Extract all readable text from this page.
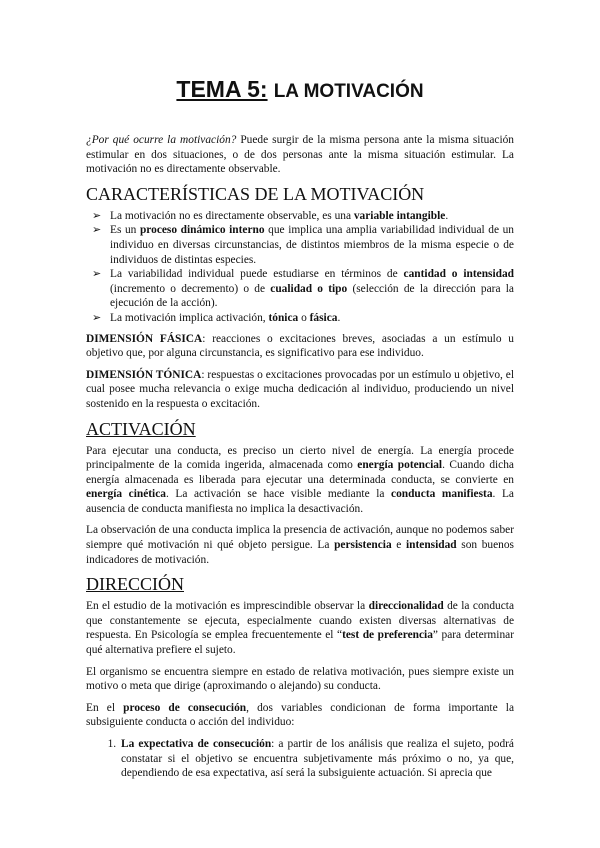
TEMA 5: LA MOTIVACIÓN

¿Por qué ocurre la motivación? Puede surgir de la misma persona ante la misma situación estimular en dos situaciones, o de dos personas ante la misma situación estimular. La motivación no es directamente observable.

CARACTERÍSTICAS DE LA MOTIVACIÓN
➢ La motivación no es directamente observable, es una variable intangible.
➢ Es un proceso dinámico interno que implica una amplia variabilidad individual de un individuo en diversas circunstancias, de distintos miembros de la misma especie o de individuos de distintas especies.
➢ La variabilidad individual puede estudiarse en términos de cantidad o intensidad (incremento o decremento) o de cualidad o tipo (selección de la dirección para la ejecución de la acción).
➢ La motivación implica activación, tónica o fásica.

DIMENSIÓN FÁSICA: reacciones o excitaciones breves, asociadas a un estímulo u objetivo que, por alguna circunstancia, es significativo para ese individuo.

DIMENSIÓN TÓNICA: respuestas o excitaciones provocadas por un estímulo u objetivo, el cual posee mucha relevancia o exige mucha dedicación al individuo, produciendo un nivel sostenido en la respuesta o excitación.

ACTIVACIÓN

Para ejecutar una conducta, es preciso un cierto nivel de energía. La energía procede principalmente de la comida ingerida, almacenada como energía potencial. Cuando dicha energía almacenada es liberada para ejecutar una determinada conducta, se convierte en energía cinética. La activación se hace visible mediante la conducta manifiesta. La ausencia de conducta manifiesta no implica la desactivación.

La observación de una conducta implica la presencia de activación, aunque no podemos saber siempre qué motivación ni qué objeto persigue. La persistencia e intensidad son buenos indicadores de motivación.

DIRECCIÓN

En el estudio de la motivación es imprescindible observar la direccionalidad de la conducta que constantemente se ejecuta, especialmente cuando existen diversas alternativas de respuesta. En Psicología se emplea frecuentemente el “test de preferencia” para determinar qué alternativa prefiere el sujeto.

El organismo se encuentra siempre en estado de relativa motivación, pues siempre existe un motivo o meta que dirige (aproximando o alejando) su conducta.

En el proceso de consecución, dos variables condicionan de forma importante la subsiguiente conducta o acción del individuo:

1. La expectativa de consecución: a partir de los análisis que realiza el sujeto, podrá constatar si el objetivo se encuentra subjetivamente más próximo o no, ya que, dependiendo de esa expectativa, así será la subsiguiente actuación. Si aprecia que
